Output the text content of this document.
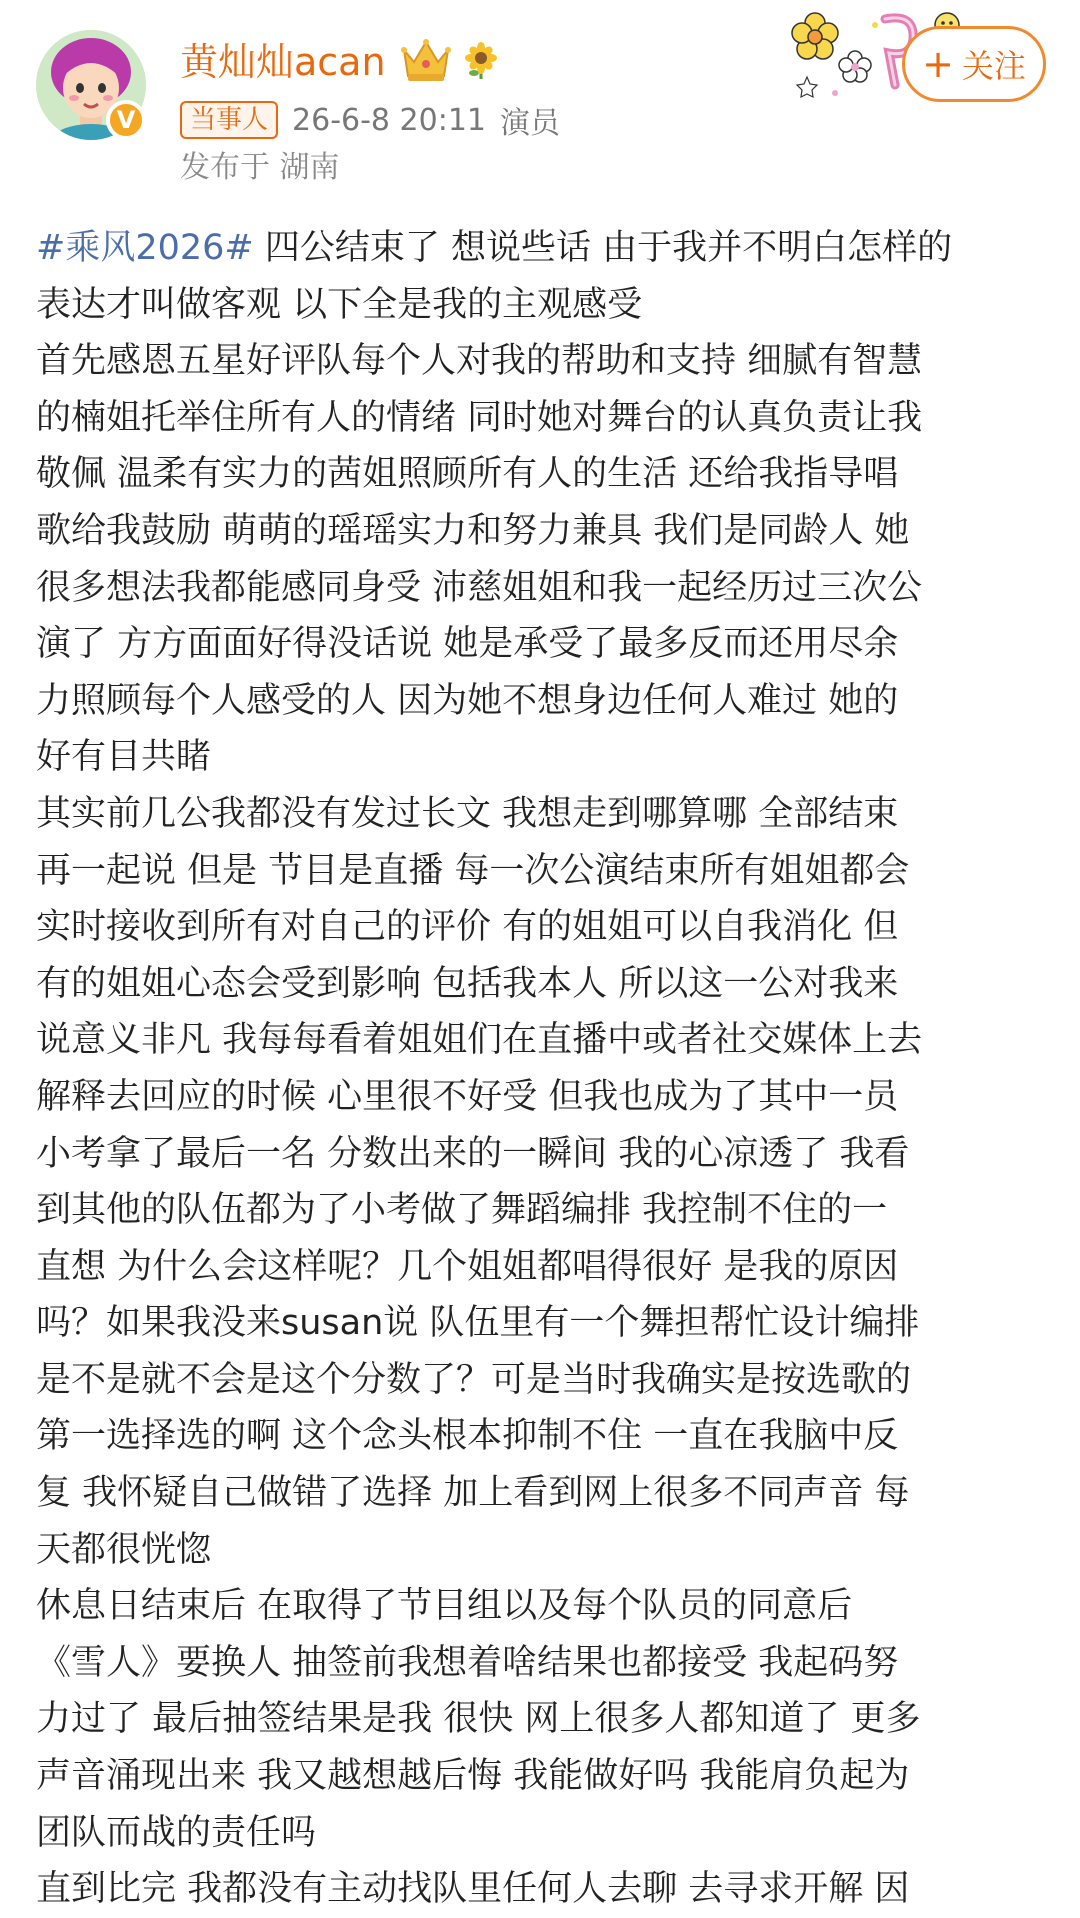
V
黄灿灿acan
当事人 26-6-8 20:11 演员
发布于 湖南
+ 关注
#乘风2026# 四公结束了 想说些话 由于我并不明白怎样的
表达才叫做客观 以下全是我的主观感受
首先感恩五星好评队每个人对我的帮助和支持 细腻有智慧
的楠姐托举住所有人的情绪 同时她对舞台的认真负责让我
敬佩 温柔有实力的茜姐照顾所有人的生活 还给我指导唱
歌给我鼓励 萌萌的瑶瑶实力和努力兼具 我们是同龄人 她
很多想法我都能感同身受 沛慈姐姐和我一起经历过三次公
演了 方方面面好得没话说 她是承受了最多反而还用尽余
力照顾每个人感受的人 因为她不想身边任何人难过 她的
好有目共睹
其实前几公我都没有发过长文 我想走到哪算哪 全部结束
再一起说 但是 节目是直播 每一次公演结束所有姐姐都会
实时接收到所有对自己的评价 有的姐姐可以自我消化 但
有的姐姐心态会受到影响 包括我本人 所以这一公对我来
说意义非凡 我每每看着姐姐们在直播中或者社交媒体上去
解释去回应的时候 心里很不好受 但我也成为了其中一员
小考拿了最后一名 分数出来的一瞬间 我的心凉透了 我看
到其他的队伍都为了小考做了舞蹈编排 我控制不住的一
直想 为什么会这样呢？几个姐姐都唱得很好 是我的原因
吗？如果我没来susan说 队伍里有一个舞担帮忙设计编排
是不是就不会是这个分数了？可是当时我确实是按选歌的
第一选择选的啊 这个念头根本抑制不住 一直在我脑中反
复 我怀疑自己做错了选择 加上看到网上很多不同声音 每
天都很恍惚
休息日结束后 在取得了节目组以及每个队员的同意后
《雪人》要换人 抽签前我想着啥结果也都接受 我起码努
力过了 最后抽签结果是我 很快 网上很多人都知道了 更多
声音涌现出来 我又越想越后悔 我能做好吗 我能肩负起为
团队而战的责任吗
直到比完 我都没有主动找队里任何人去聊 去寻求开解 因
